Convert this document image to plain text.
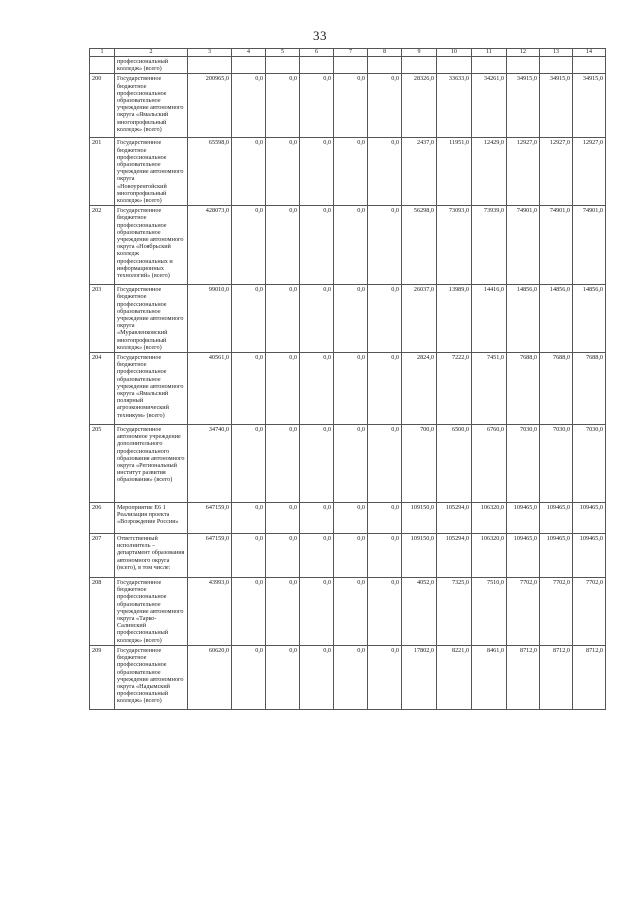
33
1	2	3	4	5	6	7	8	9	10	11	12	13	14
	профессиональный колледж» (всего)												
200	Государственное бюджетное профессиональное образовательное учреждение автономного округа «Ямальский многопрофильный колледж» (всего)	200965,0	0,0	0,0	0,0	0,0	0,0	28326,0	33633,0	34261,0	34915,0	34915,0	34915,0
201	Государственное бюджетное профессиональное образовательное учреждение автономного округа «Новоуренгойский многопрофильный колледж» (всего)	65598,0	0,0	0,0	0,0	0,0	0,0	2437,0	11951,0	12429,0	12927,0	12927,0	12927,0
202	Государственное бюджетное профессиональное образовательное учреждение автономного округа «Ноябрьский колледж профессиональных и информационных технологий» (всего)	428073,0	0,0	0,0	0,0	0,0	0,0	56298,0	73093,0	73939,0	74901,0	74901,0	74901,0
203	Государственное бюджетное профессиональное образовательное учреждение автономного округа «Муравленковский многопрофильный колледж» (всего)	99010,0	0,0	0,0	0,0	0,0	0,0	26037,0	13989,0	14416,0	14856,0	14856,0	14856,0
204	Государственное бюджетное профессиональное образовательное учреждение автономного округа «Ямальский полярный агроэкономический техникум» (всего)	40561,0	0,0	0,0	0,0	0,0	0,0	2824,0	7222,0	7451,0	7688,0	7688,0	7688,0
205	Государственное автономное учреждение дополнительного профессионального образования автономного округа «Региональный институт развития образования» (всего)	34740,0	0,0	0,0	0,0	0,0	0,0	700,0	6500,0	6760,0	7030,0	7030,0	7030,0
206	Мероприятие Е6 1 Реализация проекта «Возрождение России»	647159,0	0,0	0,0	0,0	0,0	0,0	109150,0	105294,0	106320,0	109465,0	109465,0	109465,0
207	Ответственный исполнитель – департамент образования автономного округа (всего), в том числе:	647159,0	0,0	0,0	0,0	0,0	0,0	109150,0	105294,0	106320,0	109465,0	109465,0	109465,0
208	Государственное бюджетное профессиональное образовательное учреждение автономного округа «Тарко-Салинский профессиональный колледж» (всего)	43993,0	0,0	0,0	0,0	0,0	0,0	4052,0	7325,0	7510,0	7702,0	7702,0	7702,0
209	Государственное бюджетное профессиональное образовательное учреждение автономного округа «Надымский профессиональный колледж» (всего)	60620,0	0,0	0,0	0,0	0,0	0,0	17802,0	8221,0	8461,0	8712,0	8712,0	8712,0
